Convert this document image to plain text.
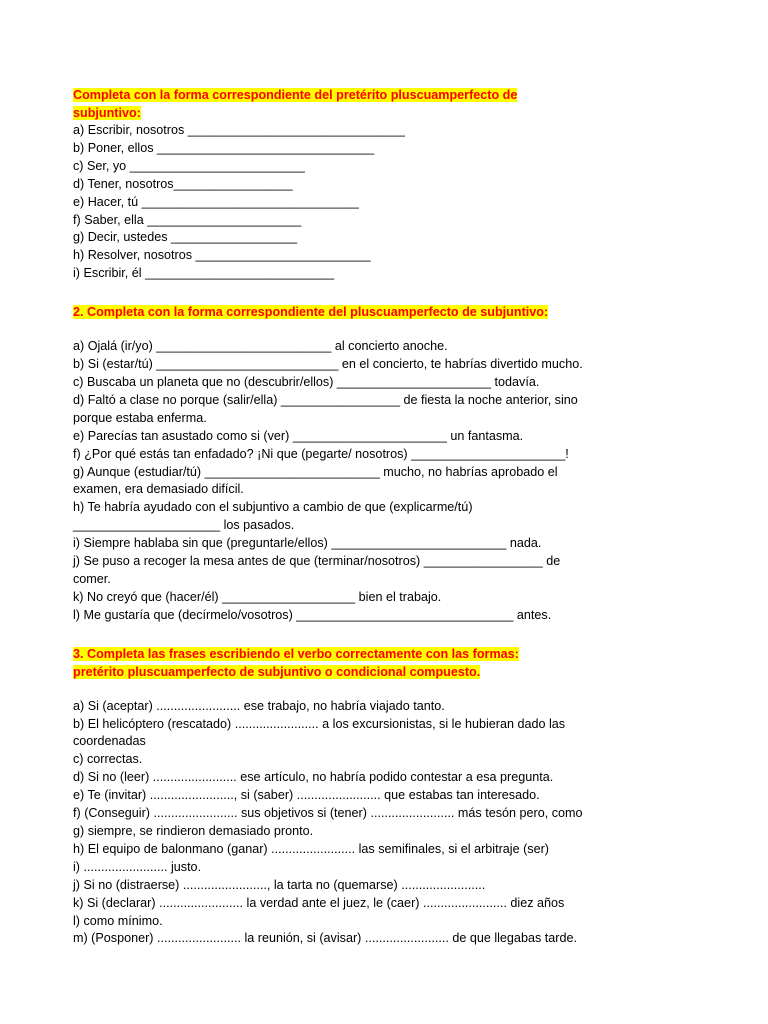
Completa con la forma correspondiente del pretérito pluscuamperfecto de
subjuntivo:
a) Escribir, nosotros _______________________________
b) Poner, ellos _______________________________
c) Ser, yo _________________________
d) Tener, nosotros_________________
e) Hacer, tú _______________________________
f) Saber, ella ______________________
g) Decir, ustedes __________________
h) Resolver, nosotros _________________________
i) Escribir, él ___________________________
2. Completa con la forma correspondiente del pluscuamperfecto de subjuntivo:
a) Ojalá (ir/yo) _________________________ al concierto anoche.
b) Si (estar/tú) __________________________ en el concierto, te habrías divertido mucho.
c) Buscaba un planeta que no (descubrir/ellos) ______________________ todavía.
d) Faltó a clase no porque (salir/ella) _________________ de fiesta la noche anterior, sino
porque estaba enferma.
e) Parecías tan asustado como si (ver) ______________________ un fantasma.
f) ¿Por qué estás tan enfadado? ¡Ni que (pegarte/ nosotros) ______________________!
g) Aunque (estudiar/tú) _________________________ mucho, no habrías aprobado el
examen, era demasiado difícil.
h) Te habría ayudado con el subjuntivo a cambio de que (explicarme/tú)
_____________________ los pasados.
i) Siempre hablaba sin que (preguntarle/ellos) _________________________ nada.
j) Se puso a recoger la mesa antes de que (terminar/nosotros) _________________ de
comer.
k) No creyó que (hacer/él) ___________________ bien el trabajo.
l) Me gustaría que (decírmelo/vosotros) _______________________________ antes.
3. Completa las frases escribiendo el verbo correctamente con las formas:
pretérito pluscuamperfecto de subjuntivo o condicional compuesto.
a) Si (aceptar) ........................ ese trabajo, no habría viajado tanto.
b) El helicóptero (rescatado) ........................ a los excursionistas, si le hubieran dado las
coordenadas
c) correctas.
d) Si no (leer) ........................ ese artículo, no habría podido contestar a esa pregunta.
e) Te (invitar) ........................, si (saber) ........................ que estabas tan interesado.
f) (Conseguir) ........................ sus objetivos si (tener) ........................ más tesón pero, como
g) siempre, se rindieron demasiado pronto.
h) El equipo de balonmano (ganar) ........................ las semifinales, si el arbitraje (ser)
i) ........................ justo.
j) Si no (distraerse) ........................, la tarta no (quemarse) ........................
k) Si (declarar) ........................ la verdad ante el juez, le (caer) ........................ diez años
l) como mínimo.
m) (Posponer) ........................ la reunión, si (avisar) ........................ de que llegabas tarde.
